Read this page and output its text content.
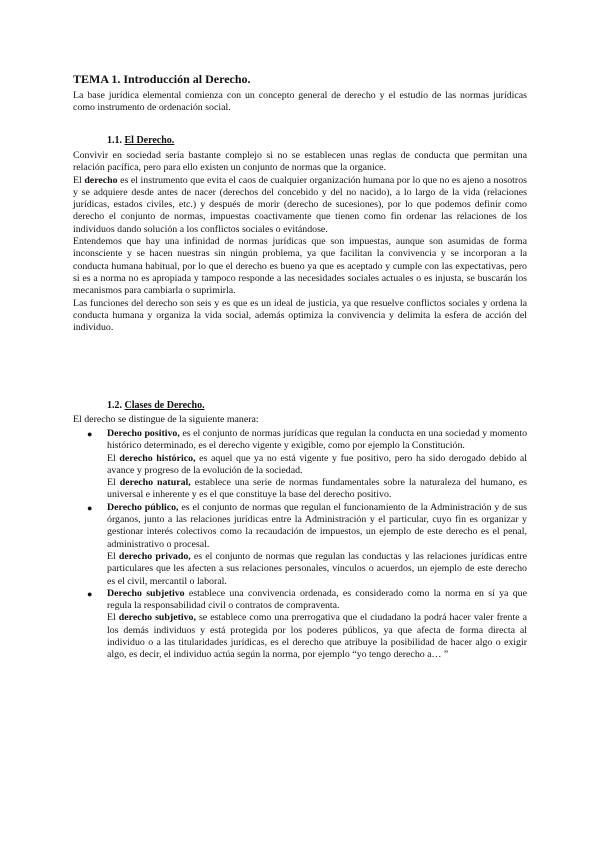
TEMA 1. Introducción al Derecho.

La base jurídica elemental comienza con un concepto general de derecho y el estudio de las normas jurídicas como instrumento de ordenación social.

1.1. El Derecho.

Convivir en sociedad sería bastante complejo si no se establecen unas reglas de conducta que permitan una relación pacífica, pero para ello existen un conjunto de normas que la organice.

El derecho es el instrumento que evita el caos de cualquier organización humana por lo que no es ajeno a nosotros y se adquiere desde antes de nacer (derechos del concebido y del no nacido), a lo largo de la vida (relaciones jurídicas, estados civiles, etc.) y después de morir (derecho de sucesiones), por lo que podemos definir como derecho el conjunto de normas, impuestas coactivamente que tienen como fin ordenar las relaciones de los individuos dando solución a los conflictos sociales o evitándose.

Entendemos que hay una infinidad de normas jurídicas que son impuestas, aunque son asumidas de forma inconsciente y se hacen nuestras sin ningún problema, ya que facilitan la convivencia y se incorporan a la conducta humana habitual, por lo que el derecho es bueno ya que es aceptado y cumple con las expectativas, pero si es a norma no es apropiada y tampoco responde a las necesidades sociales actuales o es injusta, se buscarán los mecanismos para cambiarla o suprimirla.

Las funciones del derecho son seis y es que es un ideal de justicia, ya que resuelve conflictos sociales y ordena la conducta humana y organiza la vida social, además optimiza la convivencia y delimita la esfera de acción del individuo.

1.2. Clases de Derecho.

El derecho se distingue de la siguiente manera:

● Derecho positivo, es el conjunto de normas jurídicas que regulan la conducta en una sociedad y momento histórico determinado, es el derecho vigente y exigible, como por ejemplo la Constitución.

El derecho histórico, es aquel que ya no está vigente y fue positivo, pero ha sido derogado debido al avance y progreso de la evolución de la sociedad.

El derecho natural, establece una serie de normas fundamentales sobre la naturaleza del humano, es universal e inherente y es el que constituye la base del derecho positivo.

● Derecho público, es el conjunto de normas que regulan el funcionamiento de la Administración y de sus órganos, junto a las relaciones jurídicas entre la Administración y el particular, cuyo fin es organizar y gestionar interés colectivos como la recaudación de impuestos, un ejemplo de este derecho es el penal, administrativo o procesal.

El derecho privado, es el conjunto de normas que regulan las conductas y las relaciones jurídicas entre particulares que les afecten a sus relaciones personales, vínculos o acuerdos, un ejemplo de este derecho es el civil, mercantil o laboral.

● Derecho subjetivo establece una convivencia ordenada, es considerado como la norma en sí ya que regula la responsabilidad civil o contratos de compraventa.

El derecho subjetivo, se establece como una prerrogativa que el ciudadano la podrá hacer valer frente a los demás individuos y está protegida por los poderes públicos, ya que afecta de forma directa al individuo o a las titularidades jurídicas, es el derecho que atribuye la posibilidad de hacer algo o exigir algo, es decir, el individuo actúa según la norma, por ejemplo “yo tengo derecho a… ”
